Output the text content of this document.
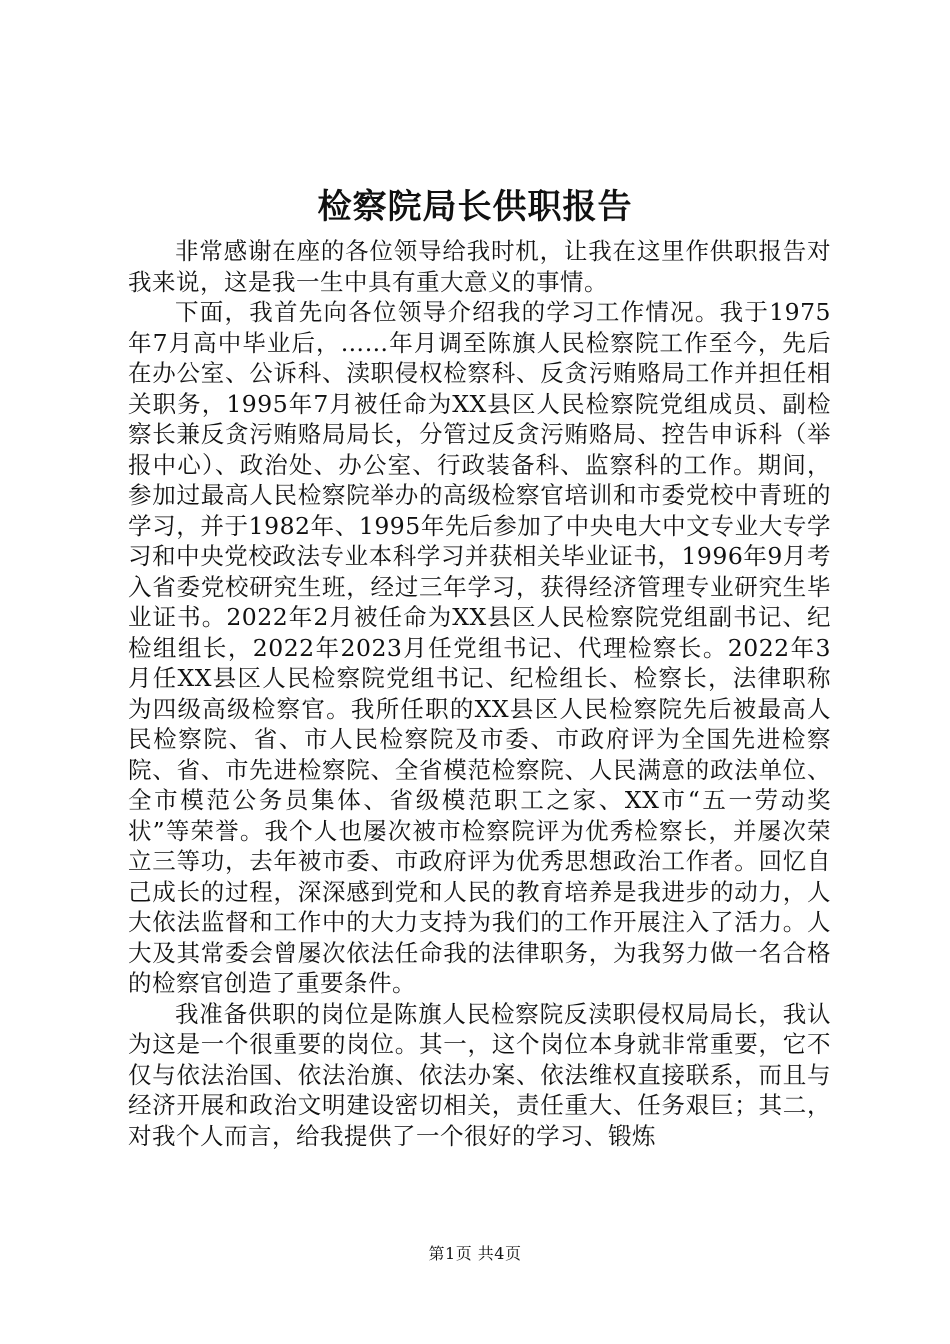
检察院局长供职报告

非常感谢在座的各位领导给我时机，让我在这里作供职报告对我来说，这是我一生中具有重大意义的事情。

下面，我首先向各位领导介绍我的学习工作情况。我于1975年7月高中毕业后，……年月调至陈旗人民检察院工作至今，先后在办公室、公诉科、渎职侵权检察科、反贪污贿赂局工作并担任相关职务，1995年7月被任命为XX县区人民检察院党组成员、副检察长兼反贪污贿赂局局长，分管过反贪污贿赂局、控告申诉科（举报中心）、政治处、办公室、行政装备科、监察科的工作。期间，参加过最高人民检察院举办的高级检察官培训和市委党校中青班的学习，并于1982年、1995年先后参加了中央电大中文专业大专学习和中央党校政法专业本科学习并获相关毕业证书，1996年9月考入省委党校研究生班，经过三年学习，获得经济管理专业研究生毕业证书。2022年2月被任命为XX县区人民检察院党组副书记、纪检组组长，2022年2023月任党组书记、代理检察长。2022年3月任XX县区人民检察院党组书记、纪检组长、检察长，法律职称为四级高级检察官。我所任职的XX县区人民检察院先后被最高人民检察院、省、市人民检察院及市委、市政府评为全国先进检察院、省、市先进检察院、全省模范检察院、人民满意的政法单位、全市模范公务员集体、省级模范职工之家、XX市“五一劳动奖状”等荣誉。我个人也屡次被市检察院评为优秀检察长，并屡次荣立三等功，去年被市委、市政府评为优秀思想政治工作者。回忆自己成长的过程，深深感到党和人民的教育培养是我进步的动力，人大依法监督和工作中的大力支持为我们的工作开展注入了活力。人大及其常委会曾屡次依法任命我的法律职务，为我努力做一名合格的检察官创造了重要条件。

我准备供职的岗位是陈旗人民检察院反渎职侵权局局长，我认为这是一个很重要的岗位。其一，这个岗位本身就非常重要，它不仅与依法治国、依法治旗、依法办案、依法维权直接联系，而且与经济开展和政治文明建设密切相关，责任重大、任务艰巨；其二，对我个人而言，给我提供了一个很好的学习、锻炼

第1页 共4页
